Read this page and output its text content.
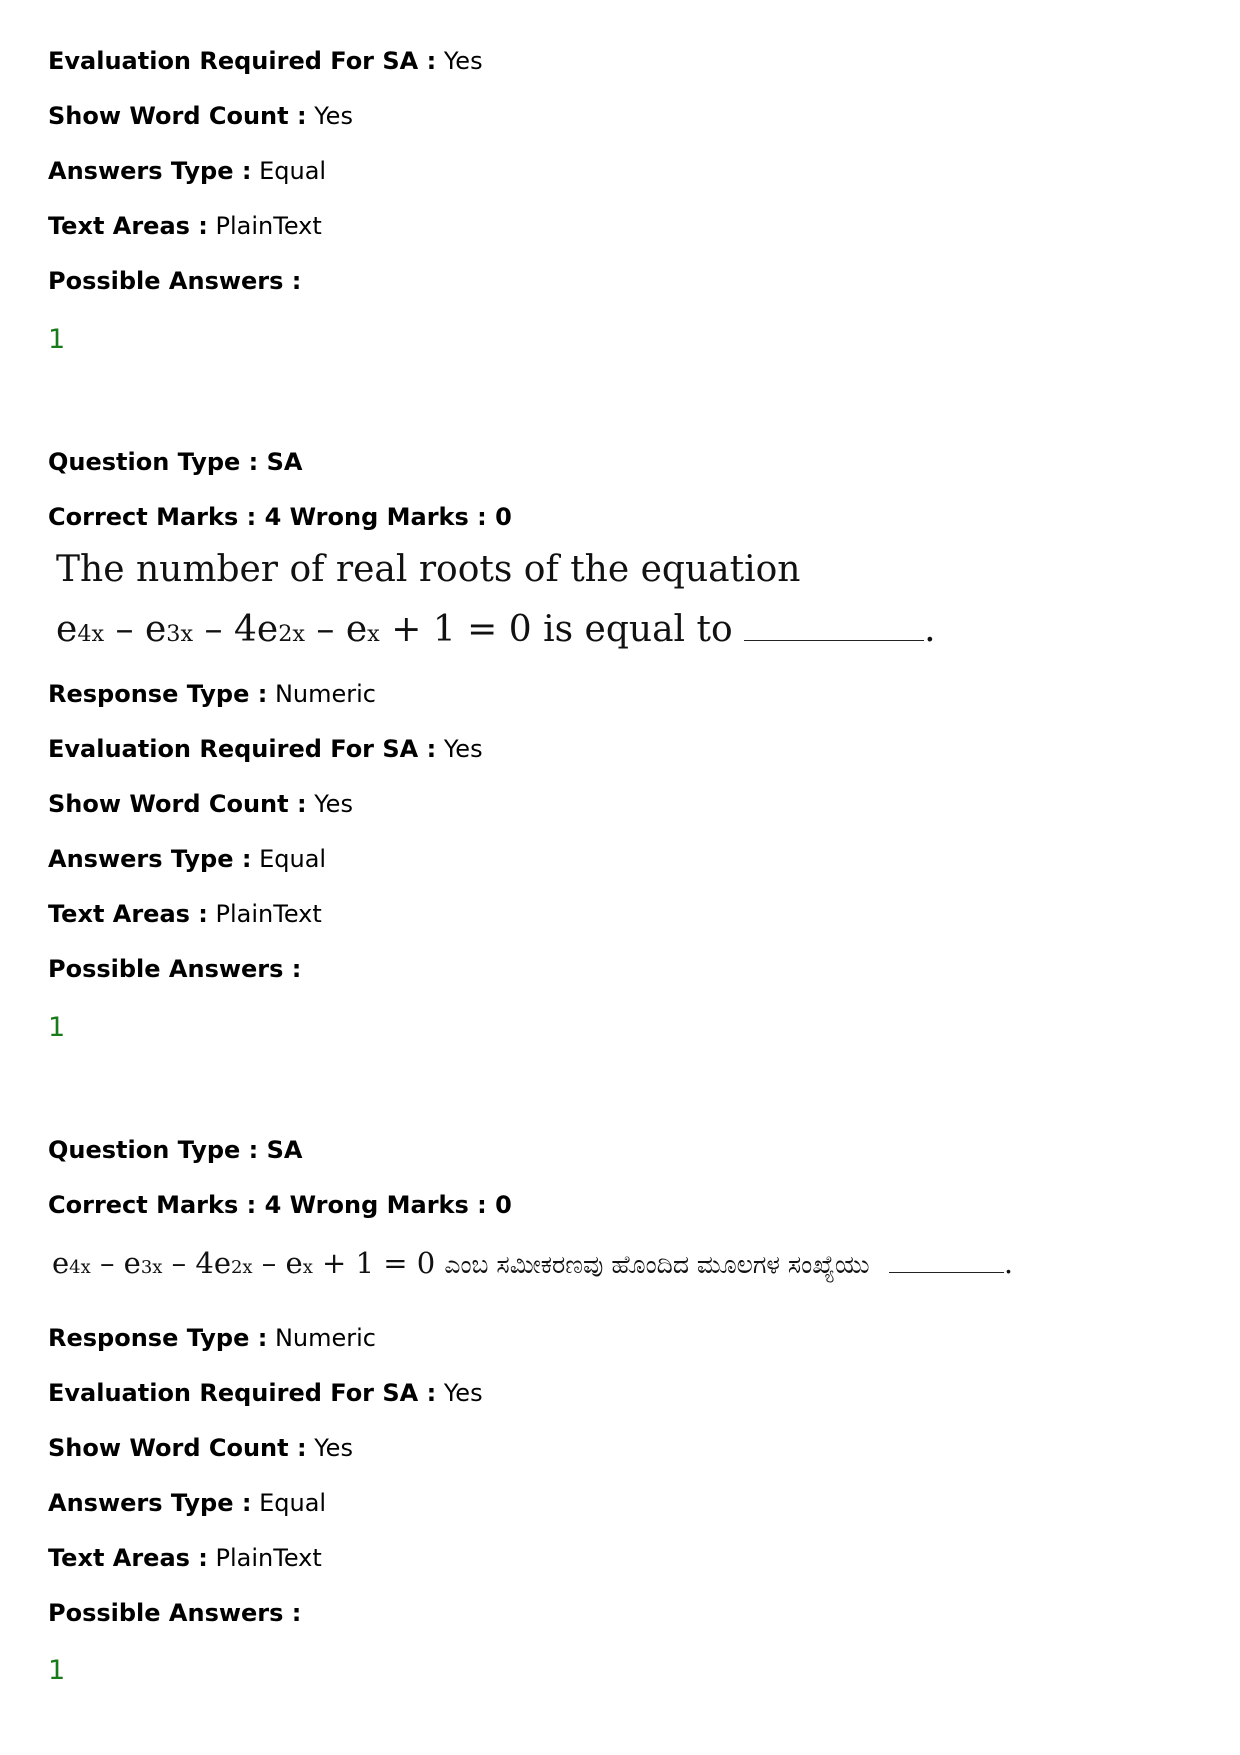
Evaluation Required For SA : Yes
Show Word Count : Yes
Answers Type : Equal
Text Areas : PlainText
Possible Answers :
1
Question Type : SA
Correct Marks : 4 Wrong Marks : 0
The number of real roots of the equation
$e^{4x} - e^{3x} - 4e^{2x} - e^x + 1 = 0$ is equal to	.
Response Type : Numeric
Evaluation Required For SA : Yes
Show Word Count : Yes
Answers Type : Equal
Text Areas : PlainText
Possible Answers :
1
Question Type : SA
Correct Marks : 4 Wrong Marks : 0
$e^{4x} - e^{3x} - 4e^{2x} - e^x + 1 = 0$ ಎಂಬ ಸಮೀಕರಣವು ಹೊಂದಿದ ಮೂಲಗಳ ಸಂಖ್ಯೆಯು	.
Response Type : Numeric
Evaluation Required For SA : Yes
Show Word Count : Yes
Answers Type : Equal
Text Areas : PlainText
Possible Answers :
1
